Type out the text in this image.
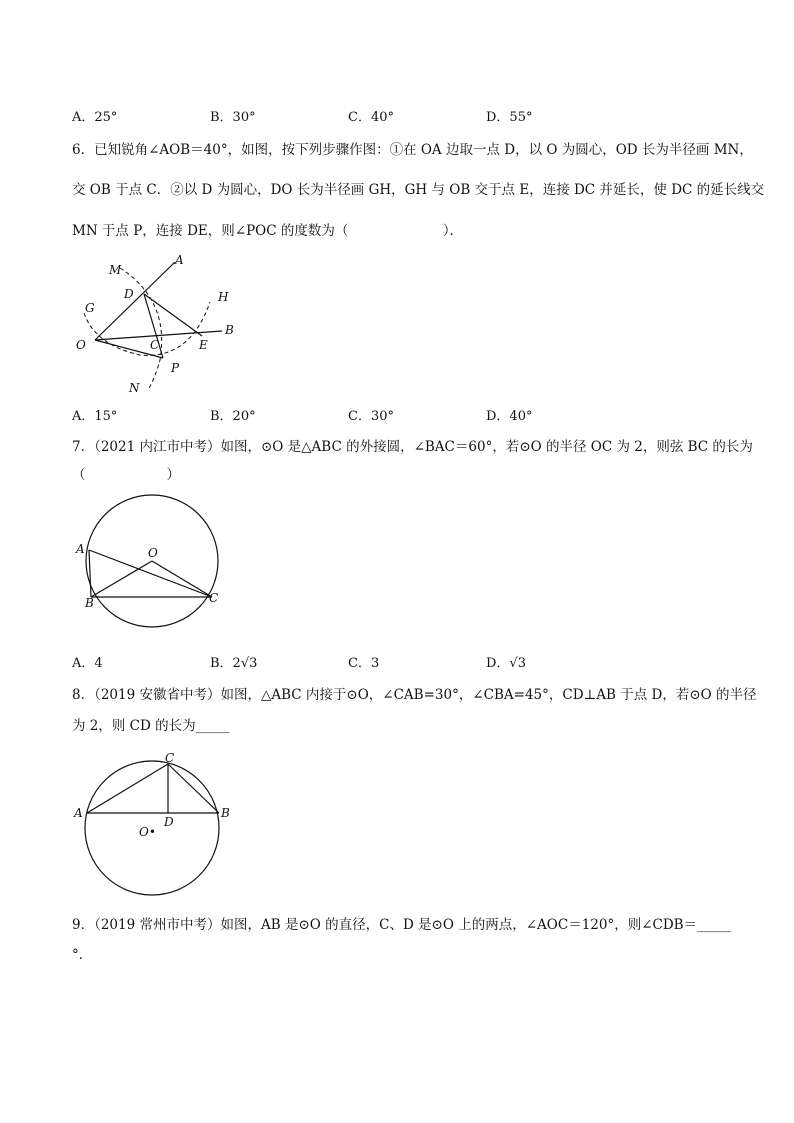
A．25°	B．30°	C．40°	D．55°
6．已知锐角∠AOB＝40°，如图，按下列步骤作图：①在 OA 边取一点 D，以 O 为圆心，OD 长为半径画 MN，
交 OB 于点 C．②以 D 为圆心，DO 长为半径画 GH，GH 与 OB 交于点 E，连接 DC 并延长，使 DC 的延长线交
MN 于点 P，连接 DE，则∠POC 的度数为（　　　　　　　）．
M
A
D	H
G
B
O	C	E
P
N
A．15°	B．20°	C．30°	D．40°
7．（2021 内江市中考）如图，⊙O 是△ABC 的外接圆，∠BAC＝60°，若⊙O 的半径 OC 为 2，则弦 BC 的长为
（　　　　　　）
A	O
B	C
A．4	B．2√3	C．3	D．√3
8．（2019 安徽省中考）如图，△ABC 内接于⊙O，∠CAB=30°，∠CBA=45°，CD⊥AB 于点 D，若⊙O 的半径
为 2，则 CD 的长为_____
C
A	B
D
O•
9．（2019 常州市中考）如图，AB 是⊙O 的直径，C、D 是⊙O 上的两点，∠AOC＝120°，则∠CDB＝_____
°．
